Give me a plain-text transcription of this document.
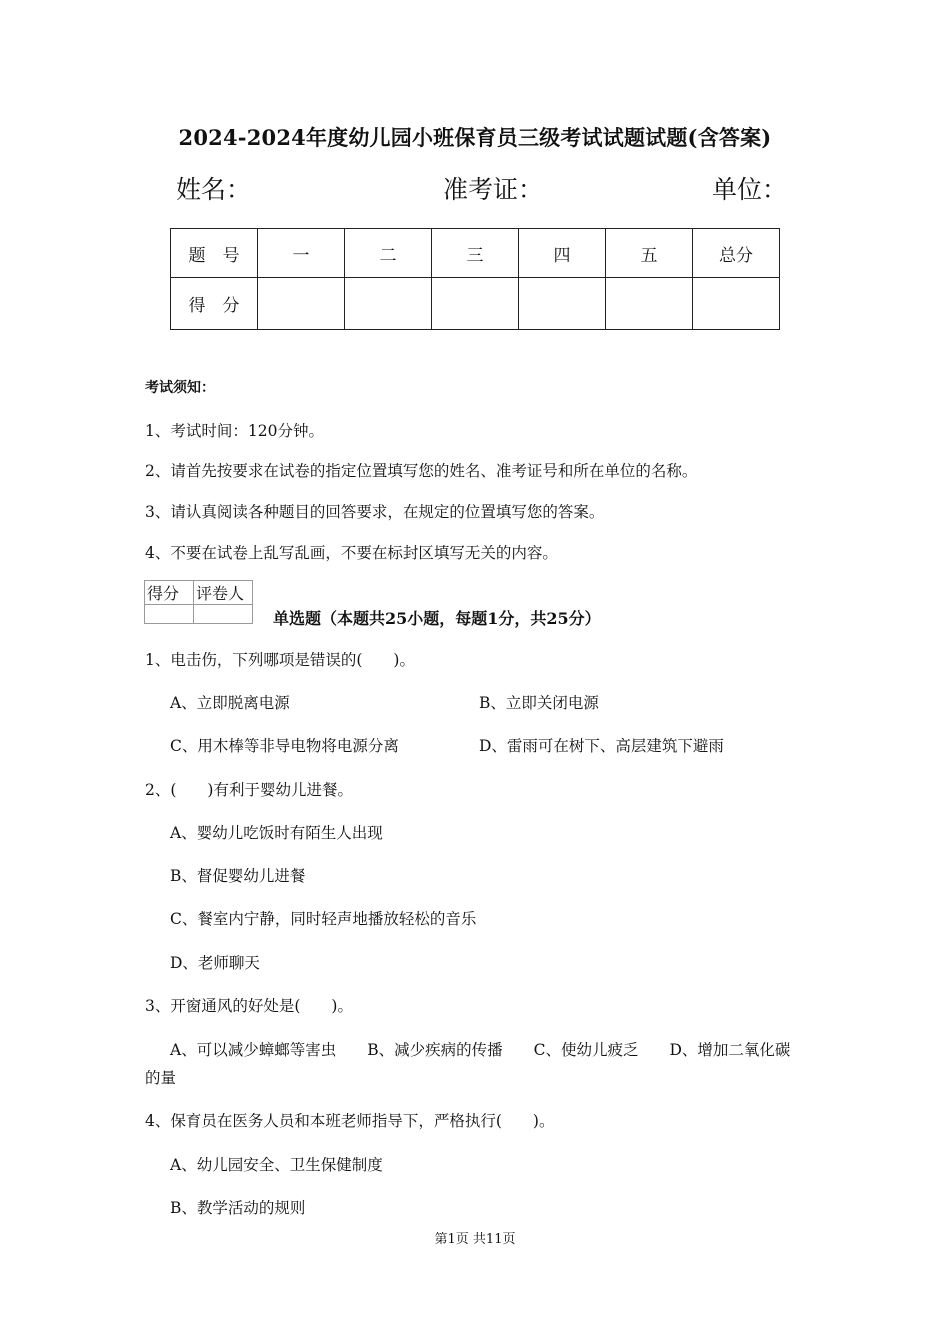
2024-2024年度幼儿园小班保育员三级考试试题试题(含答案)
姓名：	准考证：	单位：
题　号	一	二	三	四	五	总分
得　分						
考试须知：
1、考试时间：120分钟。
2、请首先按要求在试卷的指定位置填写您的姓名、准考证号和所在单位的名称。
3、请认真阅读各种题目的回答要求，在规定的位置填写您的答案。
4、不要在试卷上乱写乱画，不要在标封区填写无关的内容。
得分	评卷人

单选题（本题共25小题，每题1分，共25分）
1、电击伤，下列哪项是错误的(　　)。
A、立即脱离电源	B、立即关闭电源
C、用木棒等非导电物将电源分离	D、雷雨可在树下、高层建筑下避雨
2、(　　)有利于婴幼儿进餐。
A、婴幼儿吃饭时有陌生人出现
B、督促婴幼儿进餐
C、餐室内宁静，同时轻声地播放轻松的音乐
D、老师聊天
3、开窗通风的好处是(　　)。
A、可以减少蟑螂等害虫　　B、减少疾病的传播　　C、使幼儿疲乏　　D、增加二氧化碳
的量
4、保育员在医务人员和本班老师指导下，严格执行(　　)。
A、幼儿园安全、卫生保健制度
B、教学活动的规则
第1页 共11页
